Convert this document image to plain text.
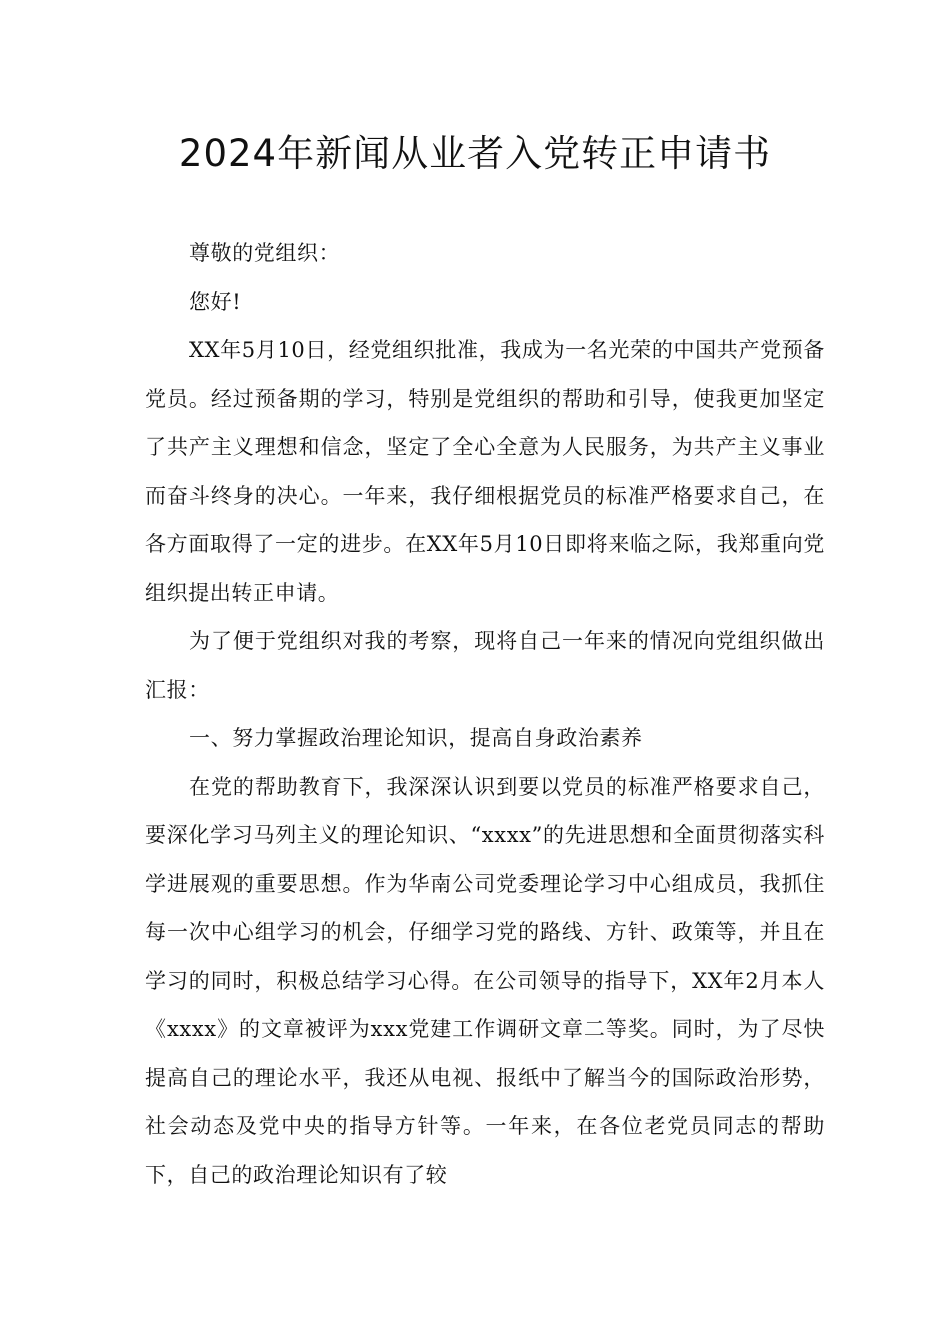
2024年新闻从业者入党转正申请书

尊敬的党组织：

您好!

XX年5月10日，经党组织批准，我成为一名光荣的中国共产党预备党员。经过预备期的学习，特别是党组织的帮助和引导，使我更加坚定了共产主义理想和信念，坚定了全心全意为人民服务，为共产主义事业而奋斗终身的决心。一年来，我仔细根据党员的标准严格要求自己，在各方面取得了一定的进步。在XX年5月10日即将来临之际，我郑重向党组织提出转正申请。

为了便于党组织对我的考察，现将自己一年来的情况向党组织做出汇报：

一、努力掌握政治理论知识，提高自身政治素养

在党的帮助教育下，我深深认识到要以党员的标准严格要求自己，要深化学习马列主义的理论知识、“xxxx”的先进思想和全面贯彻落实科学进展观的重要思想。作为华南公司党委理论学习中心组成员，我抓住每一次中心组学习的机会，仔细学习党的路线、方针、政策等，并且在学习的同时，积极总结学习心得。在公司领导的指导下，XX年2月本人《xxxx》的文章被评为xxx党建工作调研文章二等奖。同时，为了尽快提高自己的理论水平，我还从电视、报纸中了解当今的国际政治形势，社会动态及党中央的指导方针等。一年来，在各位老党员同志的帮助下，自己的政治理论知识有了较
